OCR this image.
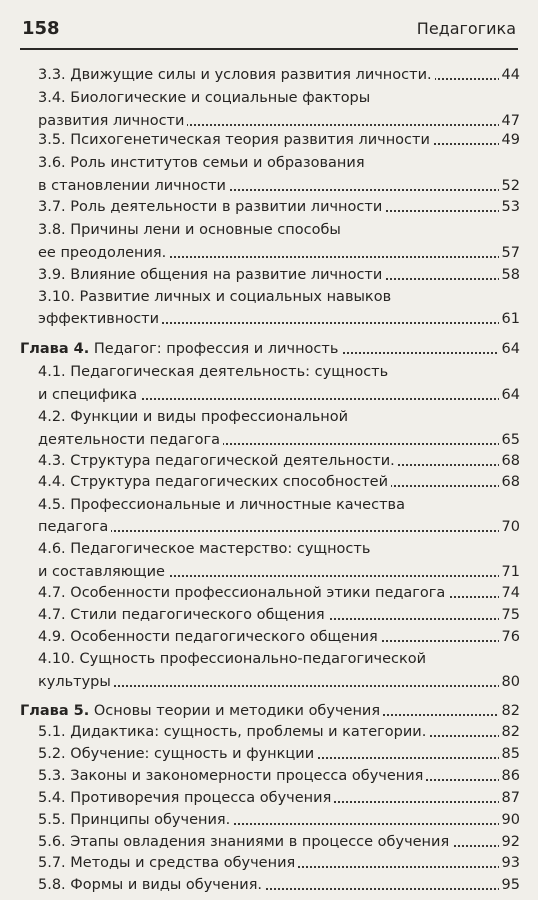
158	Педагогика
3.3. Движущие силы и условия развития личности.	44
3.4. Биологические и социальные факторы
развития личности	47
3.5. Психогенетическая теория развития личности	49
3.6. Роль институтов семьи и образования
в становлении личности	52
3.7. Роль деятельности в развитии личности	53
3.8. Причины лени и основные способы
ее преодоления.	57
3.9. Влияние общения на развитие личности	58
3.10. Развитие личных и социальных навыков
эффективности	61
Глава 4. Педагог: профессия и личность	64
4.1. Педагогическая деятельность: сущность
и специфика	64
4.2. Функции и виды профессиональной
деятельности педагога	65
4.3. Структура педагогической деятельности.	68
4.4. Структура педагогических способностей	68
4.5. Профессиональные и личностные качества
педагога	70
4.6. Педагогическое мастерство: сущность
и составляющие	71
4.7. Особенности профессиональной этики педагога	74
4.7. Стили педагогического общения	75
4.9. Особенности педагогического общения	76
4.10. Сущность профессионально-педагогической
культуры	80
Глава 5. Основы теории и методики обучения	82
5.1. Дидактика: сущность, проблемы и категории.	82
5.2. Обучение: сущность и функции	85
5.3. Законы и закономерности процесса обучения	86
5.4. Противоречия процесса обучения	87
5.5. Принципы обучения.	90
5.6. Этапы овладения знаниями в процессе обучения	92
5.7. Методы и средства обучения	93
5.8. Формы и виды обучения.	95
